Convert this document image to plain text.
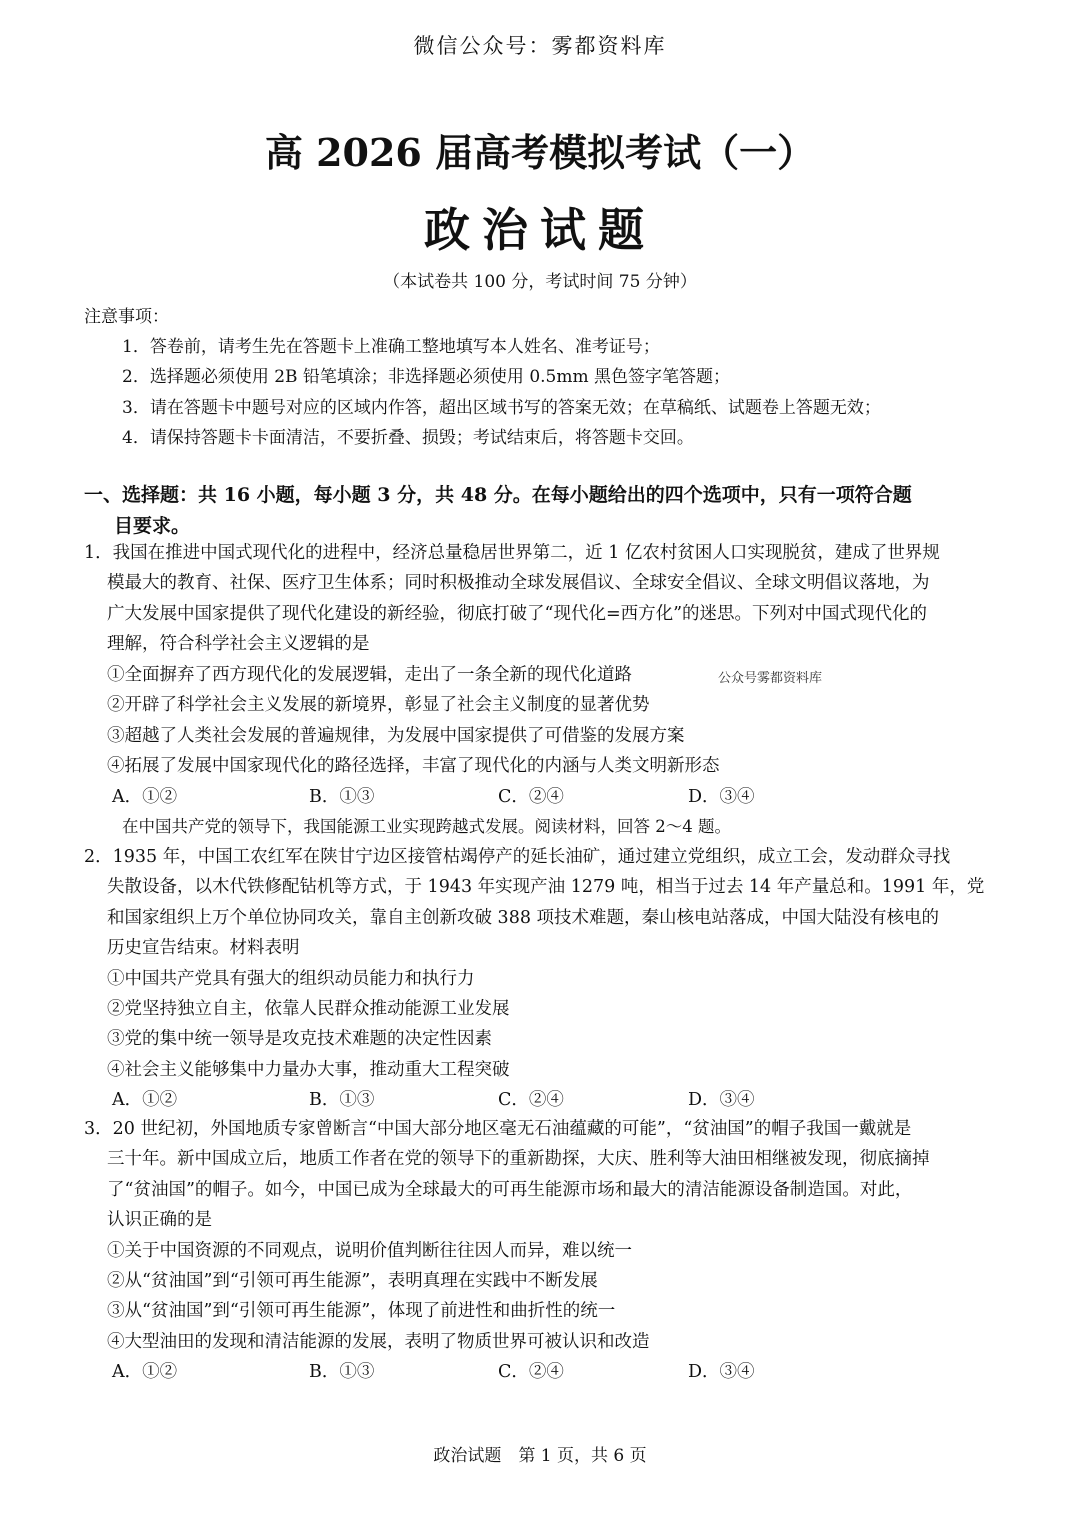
微信公众号：雾都资料库
高 2026 届高考模拟考试（一）
政治试题
（本试卷共 100 分，考试时间 75 分钟）
注意事项：
1．答卷前，请考生先在答题卡上准确工整地填写本人姓名、准考证号；
2．选择题必须使用 2B 铅笔填涂；非选择题必须使用 0.5mm 黑色签字笔答题；
3．请在答题卡中题号对应的区域内作答，超出区域书写的答案无效；在草稿纸、试题卷上答题无效；
4．请保持答题卡卡面清洁，不要折叠、损毁；考试结束后，将答题卡交回。
一、选择题：共 16 小题，每小题 3 分，共 48 分。在每小题给出的四个选项中，只有一项符合题
目要求。
1．我国在推进中国式现代化的进程中，经济总量稳居世界第二，近 1 亿农村贫困人口实现脱贫，建成了世界规
模最大的教育、社保、医疗卫生体系；同时积极推动全球发展倡议、全球安全倡议、全球文明倡议落地，为
广大发展中国家提供了现代化建设的新经验，彻底打破了“现代化=西方化”的迷思。下列对中国式现代化的
理解，符合科学社会主义逻辑的是
①全面摒弃了西方现代化的发展逻辑，走出了一条全新的现代化道路	公众号雾都资料库
②开辟了科学社会主义发展的新境界，彰显了社会主义制度的显著优势
③超越了人类社会发展的普遍规律，为发展中国家提供了可借鉴的发展方案
④拓展了发展中国家现代化的路径选择，丰富了现代化的内涵与人类文明新形态
A．①②	B．①③	C．②④	D．③④
在中国共产党的领导下，我国能源工业实现跨越式发展。阅读材料，回答 2～4 题。
2．1935 年，中国工农红军在陕甘宁边区接管枯竭停产的延长油矿，通过建立党组织，成立工会，发动群众寻找
失散设备，以木代铁修配钻机等方式，于 1943 年实现产油 1279 吨，相当于过去 14 年产量总和。1991 年，党
和国家组织上万个单位协同攻关，靠自主创新攻破 388 项技术难题，秦山核电站落成，中国大陆没有核电的
历史宣告结束。材料表明
①中国共产党具有强大的组织动员能力和执行力
②党坚持独立自主，依靠人民群众推动能源工业发展
③党的集中统一领导是攻克技术难题的决定性因素
④社会主义能够集中力量办大事，推动重大工程突破
A．①②	B．①③	C．②④	D．③④
3．20 世纪初，外国地质专家曾断言“中国大部分地区毫无石油蕴藏的可能”，“贫油国”的帽子我国一戴就是
三十年。新中国成立后，地质工作者在党的领导下的重新勘探，大庆、胜利等大油田相继被发现，彻底摘掉
了“贫油国”的帽子。如今，中国已成为全球最大的可再生能源市场和最大的清洁能源设备制造国。对此，
认识正确的是
①关于中国资源的不同观点，说明价值判断往往因人而异，难以统一
②从“贫油国”到“引领可再生能源”，表明真理在实践中不断发展
③从“贫油国”到“引领可再生能源”，体现了前进性和曲折性的统一
④大型油田的发现和清洁能源的发展，表明了物质世界可被认识和改造
A．①②	B．①③	C．②④	D．③④
政治试题　第 1 页，共 6 页
